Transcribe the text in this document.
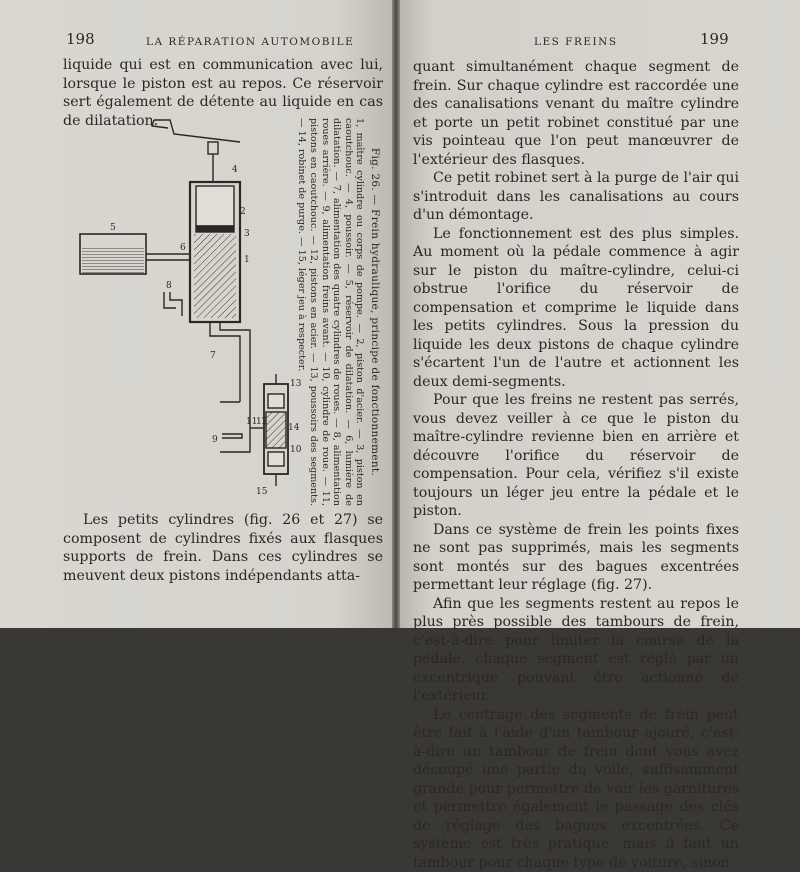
198	LA RÉPARATION AUTOMOBILE

liquide qui est en communication avec lui, lorsque le piston est au repos. Ce réservoir sert également de détente au liquide en cas de dilatation.

2
4
5
6
1
3
8
7
9
11
12
13
14
10
15
Fig. 26. — Frein hydraulique, principe de fonctionnement.
1, maître cylindre ou corps de pompe. — 2, piston d'acier. — 3, piston en caoutchouc. — 4, poussoir. — 5, réservoir de dilatation. — 6, lumière de dilatation. — 7, alimentation des quatre cylindres de roues. — 8, alimentation roues arrière. — 9, alimentation freins avant. — 10, cylindre de roue. — 11, pistons en caoutchouc. — 12, pistons en acier. — 13, poussoirs des segments. — 14, robinet de purge. — 15, léger jeu à respecter.

Les petits cylindres (fig. 26 et 27) se composent de cylindres fixés aux flasques supports de frein. Dans ces cylindres se meuvent deux pistons indépendants atta-

LES FREINS	199

quant simultanément chaque segment de frein. Sur chaque cylindre est raccordée une des canalisations venant du maître cylindre et porte un petit robinet constitué par une vis pointeau que l'on peut manœuvrer de l'extérieur des flasques.

Ce petit robinet sert à la purge de l'air qui s'introduit dans les canalisations au cours d'un démontage.

Le fonctionnement est des plus simples. Au moment où la pédale commence à agir sur le piston du maître-cylindre, celui-ci obstrue l'orifice du réservoir de compensation et comprime le liquide dans les petits cylindres. Sous la pression du liquide les deux pistons de chaque cylindre s'écartent l'un de l'autre et actionnent les deux demi-segments.

Pour que les freins ne restent pas serrés, vous devez veiller à ce que le piston du maître-cylindre revienne bien en arrière et découvre l'orifice du réservoir de compensation. Pour cela, vérifiez s'il existe toujours un léger jeu entre la pédale et le piston.

Dans ce système de frein les points fixes ne sont pas supprimés, mais les segments sont montés sur des bagues excentrées permettant leur réglage (fig. 27).

Afin que les segments restent au repos le plus près possible des tambours de frein, c'est-à-dire pour limiter la course de la pédale, chaque segment est réglé par un excentrique pouvant être actionné de l'extérieur.

Le centrage des segments de frein peut être fait à l'aide d'un tambour ajouré, c'est-à-dire un tambour de frein dont vous avez découpé une partie du voile, suffisamment grande pour permettre de voir les garnitures et permettre également le passage des clés de réglage des bagues excentrées. Ce système est très pratique, mais il faut un tambour pour chaque type de voiture, sinon
